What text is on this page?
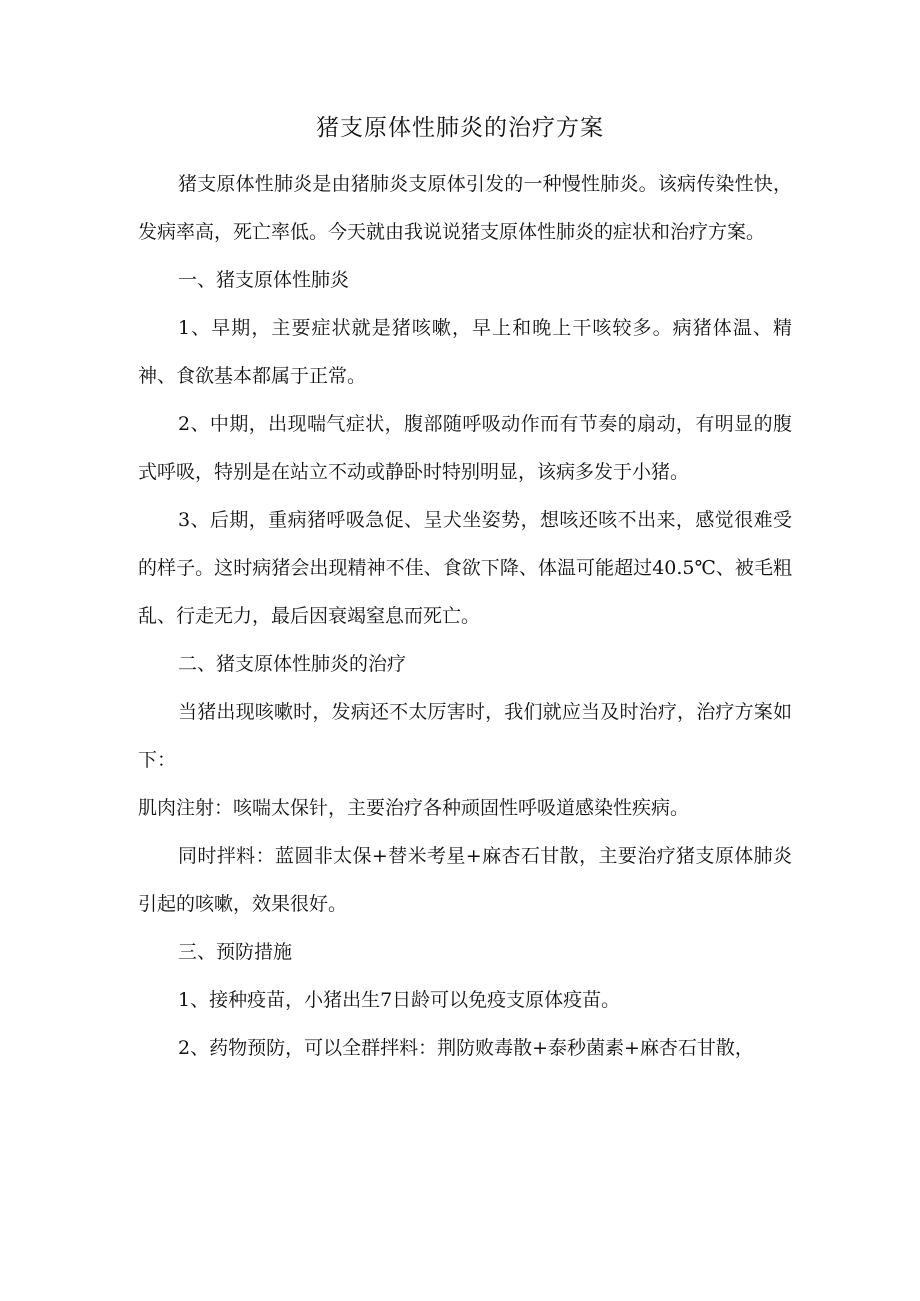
猪支原体性肺炎的治疗方案

猪支原体性肺炎是由猪肺炎支原体引发的一种慢性肺炎。该病传染性快，发病率高，死亡率低。今天就由我说说猪支原体性肺炎的症状和治疗方案。

一、猪支原体性肺炎

1、早期，主要症状就是猪咳嗽，早上和晚上干咳较多。病猪体温、精神、食欲基本都属于正常。

2、中期，出现喘气症状，腹部随呼吸动作而有节奏的扇动，有明显的腹式呼吸，特别是在站立不动或静卧时特别明显，该病多发于小猪。

3、后期，重病猪呼吸急促、呈犬坐姿势，想咳还咳不出来，感觉很难受的样子。这时病猪会出现精神不佳、食欲下降、体温可能超过40.5℃、被毛粗乱、行走无力，最后因衰竭窒息而死亡。

二、猪支原体性肺炎的治疗

当猪出现咳嗽时，发病还不太厉害时，我们就应当及时治疗，治疗方案如下：

肌肉注射：咳喘太保针，主要治疗各种顽固性呼吸道感染性疾病。

同时拌料：蓝圆非太保+替米考星+麻杏石甘散，主要治疗猪支原体肺炎引起的咳嗽，效果很好。

三、预防措施

1、接种疫苗，小猪出生7日龄可以免疫支原体疫苗。

2、药物预防，可以全群拌料：荆防败毒散+泰秒菌素+麻杏石甘散，
